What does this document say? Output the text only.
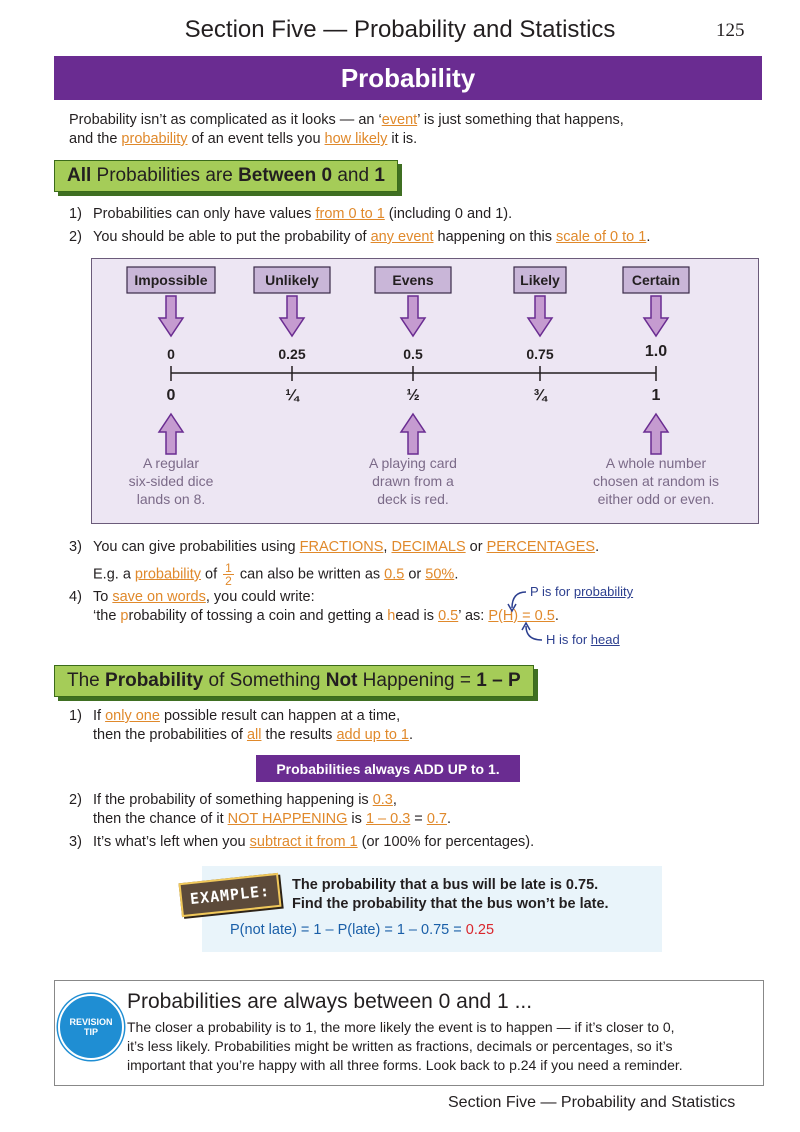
Section Five — Probability and Statistics	125
Probability
Probability isn’t as complicated as it looks — an ‘event’ is just something that happens,
and the probability of an event tells you how likely it is.
All Probabilities are Between 0 and 1
1) Probabilities can only have values from 0 to 1 (including 0 and 1).
2) You should be able to put the probability of any event happening on this scale of 0 to 1.
Impossible
0
0
Unlikely
0.25
¼
Evens
0.5
½
Likely
0.75
¾
Certain
1.0
1
A regular
six-sided dice
lands on 8.
A playing card
drawn from a
deck is red.
A whole number
chosen at random is
either odd or even.
3) You can give probabilities using FRACTIONS, DECIMALS or PERCENTAGES.
E.g. a probability of $\frac{1}{2}$ can also be written as 0.5 or 50%.
4) To save on words, you could write:
‘the probability of tossing a coin and getting a head is 0.5’ as: P(H) = 0.5.
P is for probability
H is for head
The Probability of Something Not Happening = 1 – P
1) If only one possible result can happen at a time,
then the probabilities of all the results add up to 1.
Probabilities always ADD UP to 1.
2) If the probability of something happening is 0.3,
then the chance of it NOT HAPPENING is 1 – 0.3 = 0.7.
3) It’s what’s left when you subtract it from 1 (or 100% for percentages).
EXAMPLE:	The probability that a bus will be late is 0.75.
Find the probability that the bus won’t be late.
P(not late) = 1 – P(late) = 1 – 0.75 = 0.25
REVISION
TIP
Probabilities are always between 0 and 1 ...
The closer a probability is to 1, the more likely the event is to happen — if it’s closer to 0,
it’s less likely. Probabilities might be written as fractions, decimals or percentages, so it’s
important that you’re happy with all three forms. Look back to p.24 if you need a reminder.
Section Five — Probability and Statistics
